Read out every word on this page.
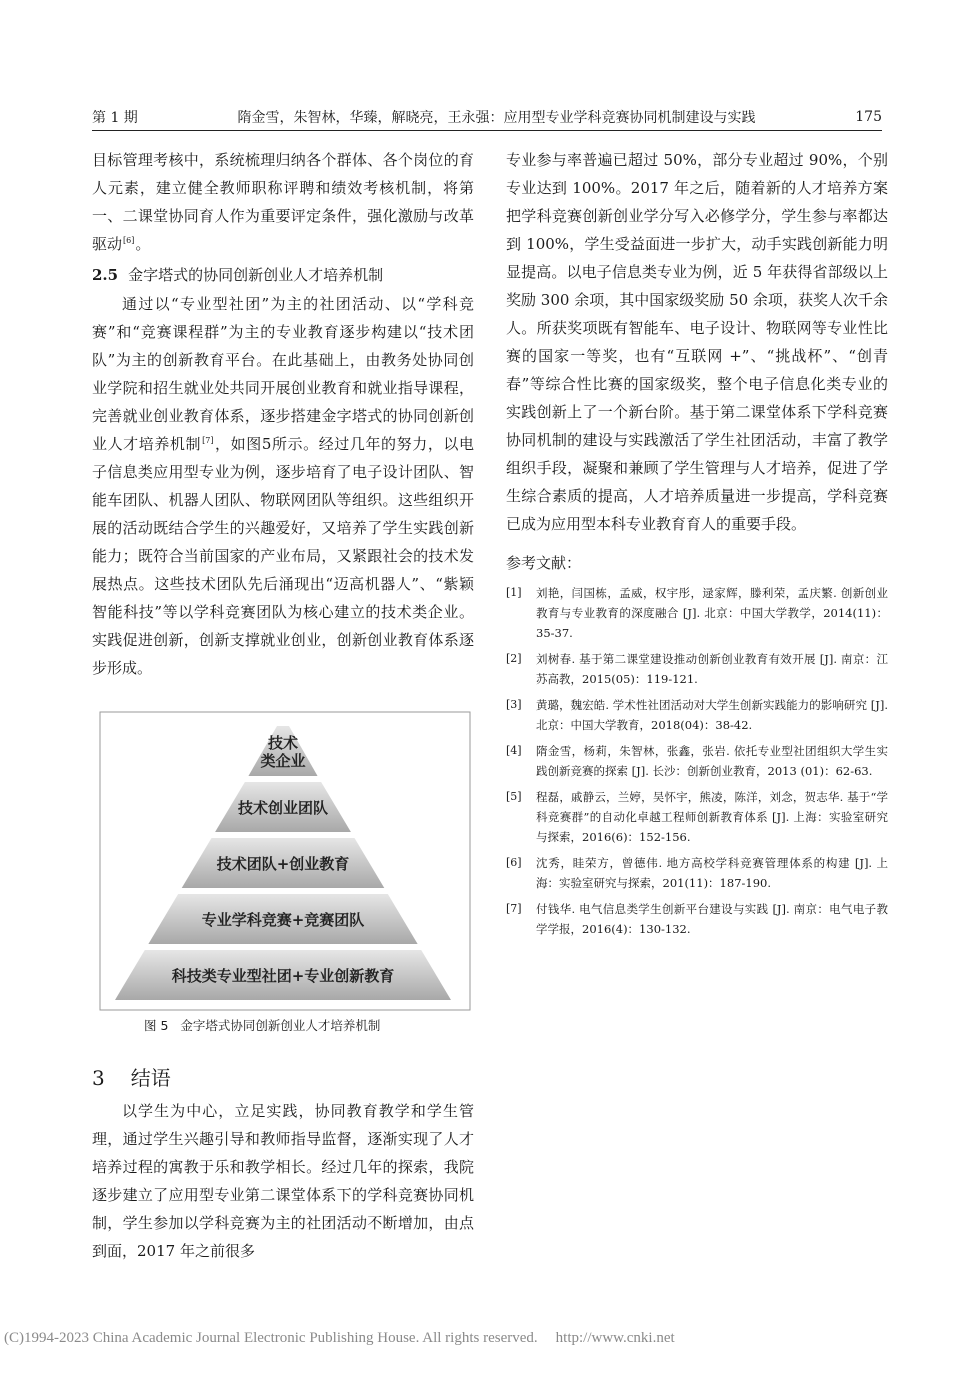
第 1 期	隋金雪，朱智林，华臻，解晓亮，王永强：应用型专业学科竞赛协同机制建设与实践	175

目标管理考核中，系统梳理归纳各个群体、各个岗位的育人元素，建立健全教师职称评聘和绩效考核机制，将第一、二课堂协同育人作为重要评定条件，强化激励与改革驱动[6]。

2.5 金字塔式的协同创新创业人才培养机制

通过以“专业型社团”为主的社团活动、以“学科竞赛”和“竞赛课程群”为主的专业教育逐步构建以“技术团队”为主的创新教育平台。在此基础上，由教务处协同创业学院和招生就业处共同开展创业教育和就业指导课程，完善就业创业教育体系，逐步搭建金字塔式的协同创新创业人才培养机制[7]，如图5所示。经过几年的努力，以电子信息类应用型专业为例，逐步培育了电子设计团队、智能车团队、机器人团队、物联网团队等组织。这些组织开展的活动既结合学生的兴趣爱好，又培养了学生实践创新能力；既符合当前国家的产业布局，又紧跟社会的技术发展热点。这些技术团队先后涌现出“迈高机器人”、“紫颖智能科技”等以学科竞赛团队为核心建立的技术类企业。实践促进创新，创新支撑就业创业，创新创业教育体系逐步形成。

技术
类企业
技术创业团队
技术团队+创业教育
专业学科竞赛+竞赛团队
科技类专业型社团+专业创新教育
图 5 金字塔式协同创新创业人才培养机制
3 结语

以学生为中心，立足实践，协同教育教学和学生管理，通过学生兴趣引导和教师指导监督，逐渐实现了人才培养过程的寓教于乐和教学相长。经过几年的探索，我院逐步建立了应用型专业第二课堂体系下的学科竞赛协同机制，学生参加以学科竞赛为主的社团活动不断增加，由点到面，2017 年之前很多

专业参与率普遍已超过 50%，部分专业超过 90%，个别专业达到 100%。2017 年之后，随着新的人才培养方案把学科竞赛创新创业学分写入必修学分，学生参与率都达到 100%，学生受益面进一步扩大，动手实践创新能力明显提高。以电子信息类专业为例，近 5 年获得省部级以上奖励 300 余项，其中国家级奖励 50 余项，获奖人次千余人。所获奖项既有智能车、电子设计、物联网等专业性比赛的国家一等奖，也有“互联网 +”、“挑战杯”、“创青春”等综合性比赛的国家级奖，整个电子信息化类专业的实践创新上了一个新台阶。基于第二课堂体系下学科竞赛协同机制的建设与实践激活了学生社团活动，丰富了教学组织手段，凝聚和兼顾了学生管理与人才培养，促进了学生综合素质的提高，人才培养质量进一步提高，学科竞赛已成为应用型本科专业教育育人的重要手段。

参考文献：
[1]	刘艳，闫国栋，孟威，权宇彤，逯家辉，滕利荣，孟庆繁. 创新创业教育与专业教育的深度融合 [J]. 北京：中国大学教学，2014(11)：35-37.
[2]	刘树春. 基于第二课堂建设推动创新创业教育有效开展 [J]. 南京：江苏高教，2015(05)：119-121.
[3]	黄璐，魏宏皓. 学术性社团活动对大学生创新实践能力的影响研究 [J]. 北京：中国大学教育，2018(04)：38-42.
[4]	隋金雪，杨莉，朱智林，张鑫，张岩. 依托专业型社团组织大学生实践创新竞赛的探索 [J]. 长沙：创新创业教育，2013 (01)：62-63.
[5]	程磊，戚静云，兰婷，吴怀宇，熊凌，陈洋，刘念，贺志华. 基于“学科竞赛群”的自动化卓越工程师创新教育体系 [J]. 上海：实验室研究与探索，2016(6)：152-156.
[6]	沈秀，眭荣方，曾德伟. 地方高校学科竞赛管理体系的构建 [J]. 上海：实验室研究与探索，201(11)：187-190.
[7]	付钱华. 电气信息类学生创新平台建设与实践 [J]. 南京：电气电子教学学报，2016(4)：130-132.
(C)1994-2023 China Academic Journal Electronic Publishing House. All rights reserved. http://www.cnki.net
